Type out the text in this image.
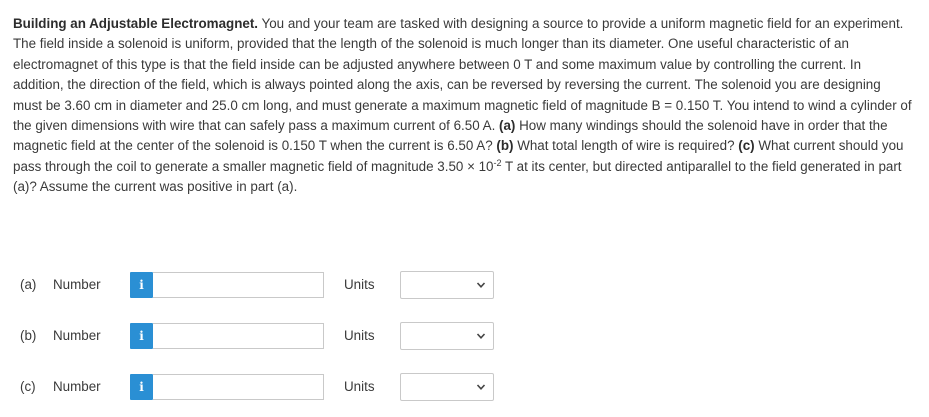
Building an Adjustable Electromagnet. You and your team are tasked with designing a source to provide a uniform magnetic field for an experiment. The field inside a solenoid is uniform, provided that the length of the solenoid is much longer than its diameter. One useful characteristic of an electromagnet of this type is that the field inside can be adjusted anywhere between 0 T and some maximum value by controlling the current. In addition, the direction of the field, which is always pointed along the axis, can be reversed by reversing the current. The solenoid you are designing must be 3.60 cm in diameter and 25.0 cm long, and must generate a maximum magnetic field of magnitude B = 0.150 T. You intend to wind a cylinder of the given dimensions with wire that can safely pass a maximum current of 6.50 A. (a) How many windings should the solenoid have in order that the magnetic field at the center of the solenoid is 0.150 T when the current is 6.50 A? (b) What total length of wire is required? (c) What current should you pass through the coil to generate a smaller magnetic field of magnitude $3.50 \times 10^{-2}$ T at its center, but directed antiparallel to the field generated in part (a)? Assume the current was positive in part (a).
(a) Number	i	Units
(b) Number	i	Units
(c) Number	i	Units
